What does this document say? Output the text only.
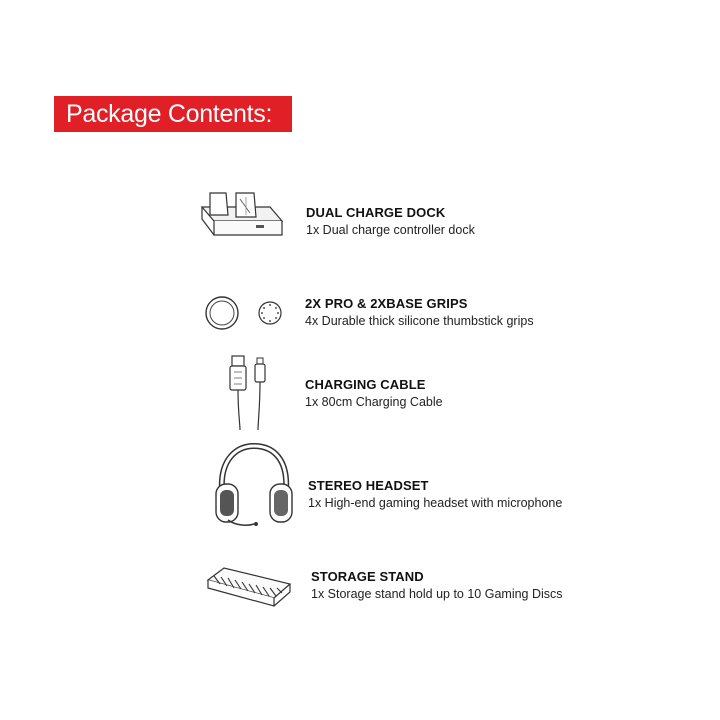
Package Contents:
DUAL CHARGE DOCK
1x Dual charge controller dock
2X PRO & 2XBASE GRIPS
4x Durable thick silicone thumbstick grips
CHARGING CABLE
1x 80cm Charging Cable
STEREO HEADSET
1x High-end gaming headset with microphone
STORAGE STAND
1x Storage stand hold up to 10 Gaming Discs
